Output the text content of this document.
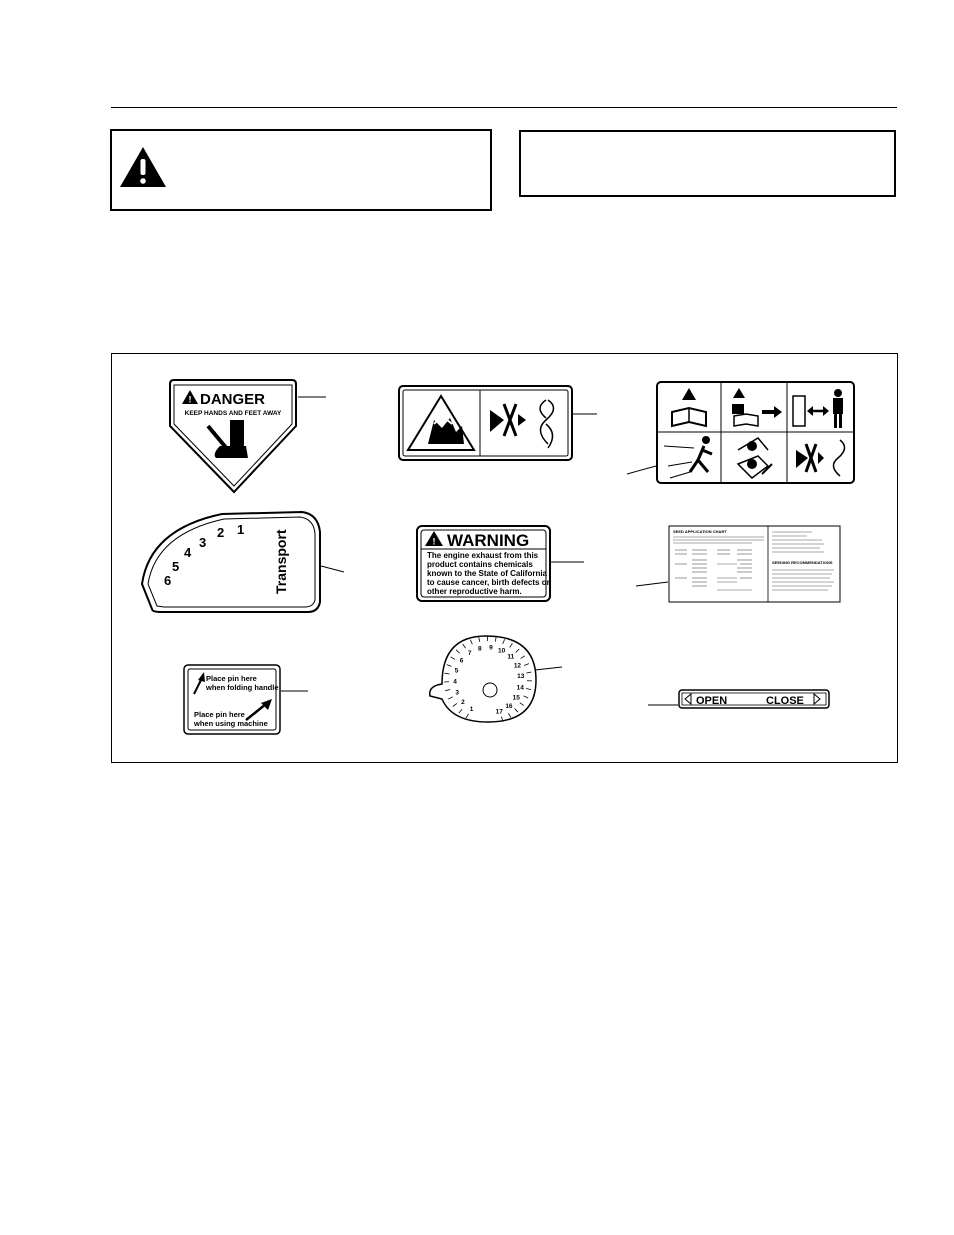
! DANGER
KEEP HANDS AND FEET AWAY
1
2
3
4
5
6	Transport	! WARNING
The engine exhaust from this
product contains chemicals
known to the State of California
to cause cancer, birth defects or
other reproductive harm.
SEED APPLICATION CHART
SEEDING RECOMMENDATIONS
Place pin here
when folding handle
Place pin here
when using machine
1
2
3
4
5
6
7
8 9 10
11
12
13
14
15
16
17
OPEN	CLOSE
